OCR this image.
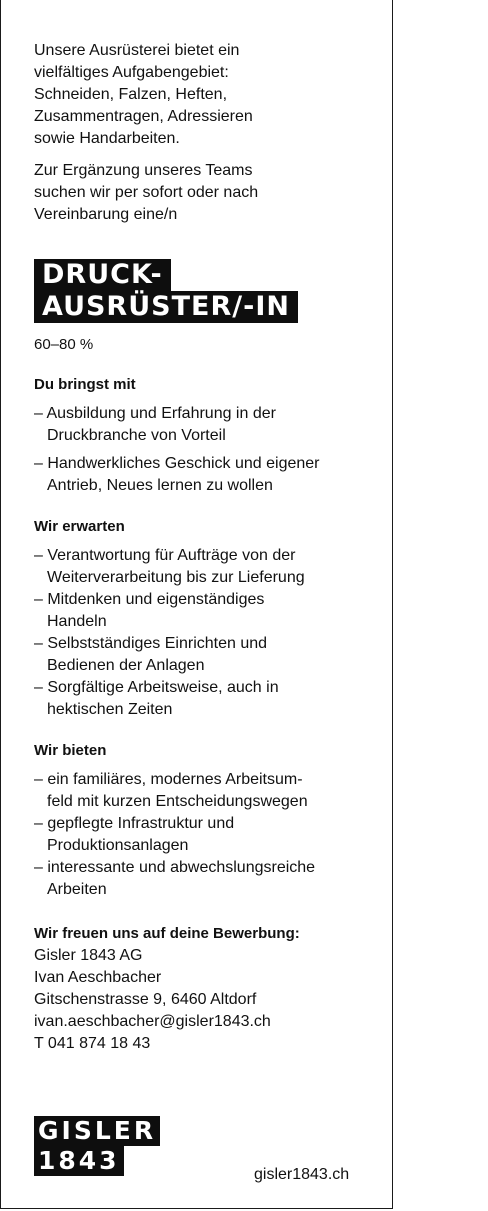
Unsere Ausrüsterei bietet ein
vielfältiges Aufgabengebiet:
Schneiden, Falzen, Heften,
Zusammentragen, Adressieren
sowie Handarbeiten.

Zur Ergänzung unseres Teams
suchen wir per sofort oder nach
Vereinbarung eine/n

DRUCK-
AUSRÜSTER/-IN
60–80 %
Du bringst mit
– Ausbildung und Erfahrung in der
Druckbranche von Vorteil
– Handwerkliches Geschick und eigener
Antrieb, Neues lernen zu wollen
Wir erwarten
– Verantwortung für Aufträge von der
Weiterverarbeitung bis zur Lieferung
– Mitdenken und eigenständiges
Handeln
– Selbstständiges Einrichten und
Bedienen der Anlagen
– Sorgfältige Arbeitsweise, auch in
hektischen Zeiten
Wir bieten
– ein familiäres, modernes Arbeitsum-
feld mit kurzen Entscheidungswegen
– gepflegte Infrastruktur und
Produktionsanlagen
– interessante und abwechslungsreiche
Arbeiten
Wir freuen uns auf deine Bewerbung:
Gisler 1843 AG
Ivan Aeschbacher
Gitschenstrasse 9, 6460 Altdorf
ivan.aeschbacher@gisler1843.ch
T 041 874 18 43
GISLER
1843	gisler1843.ch
